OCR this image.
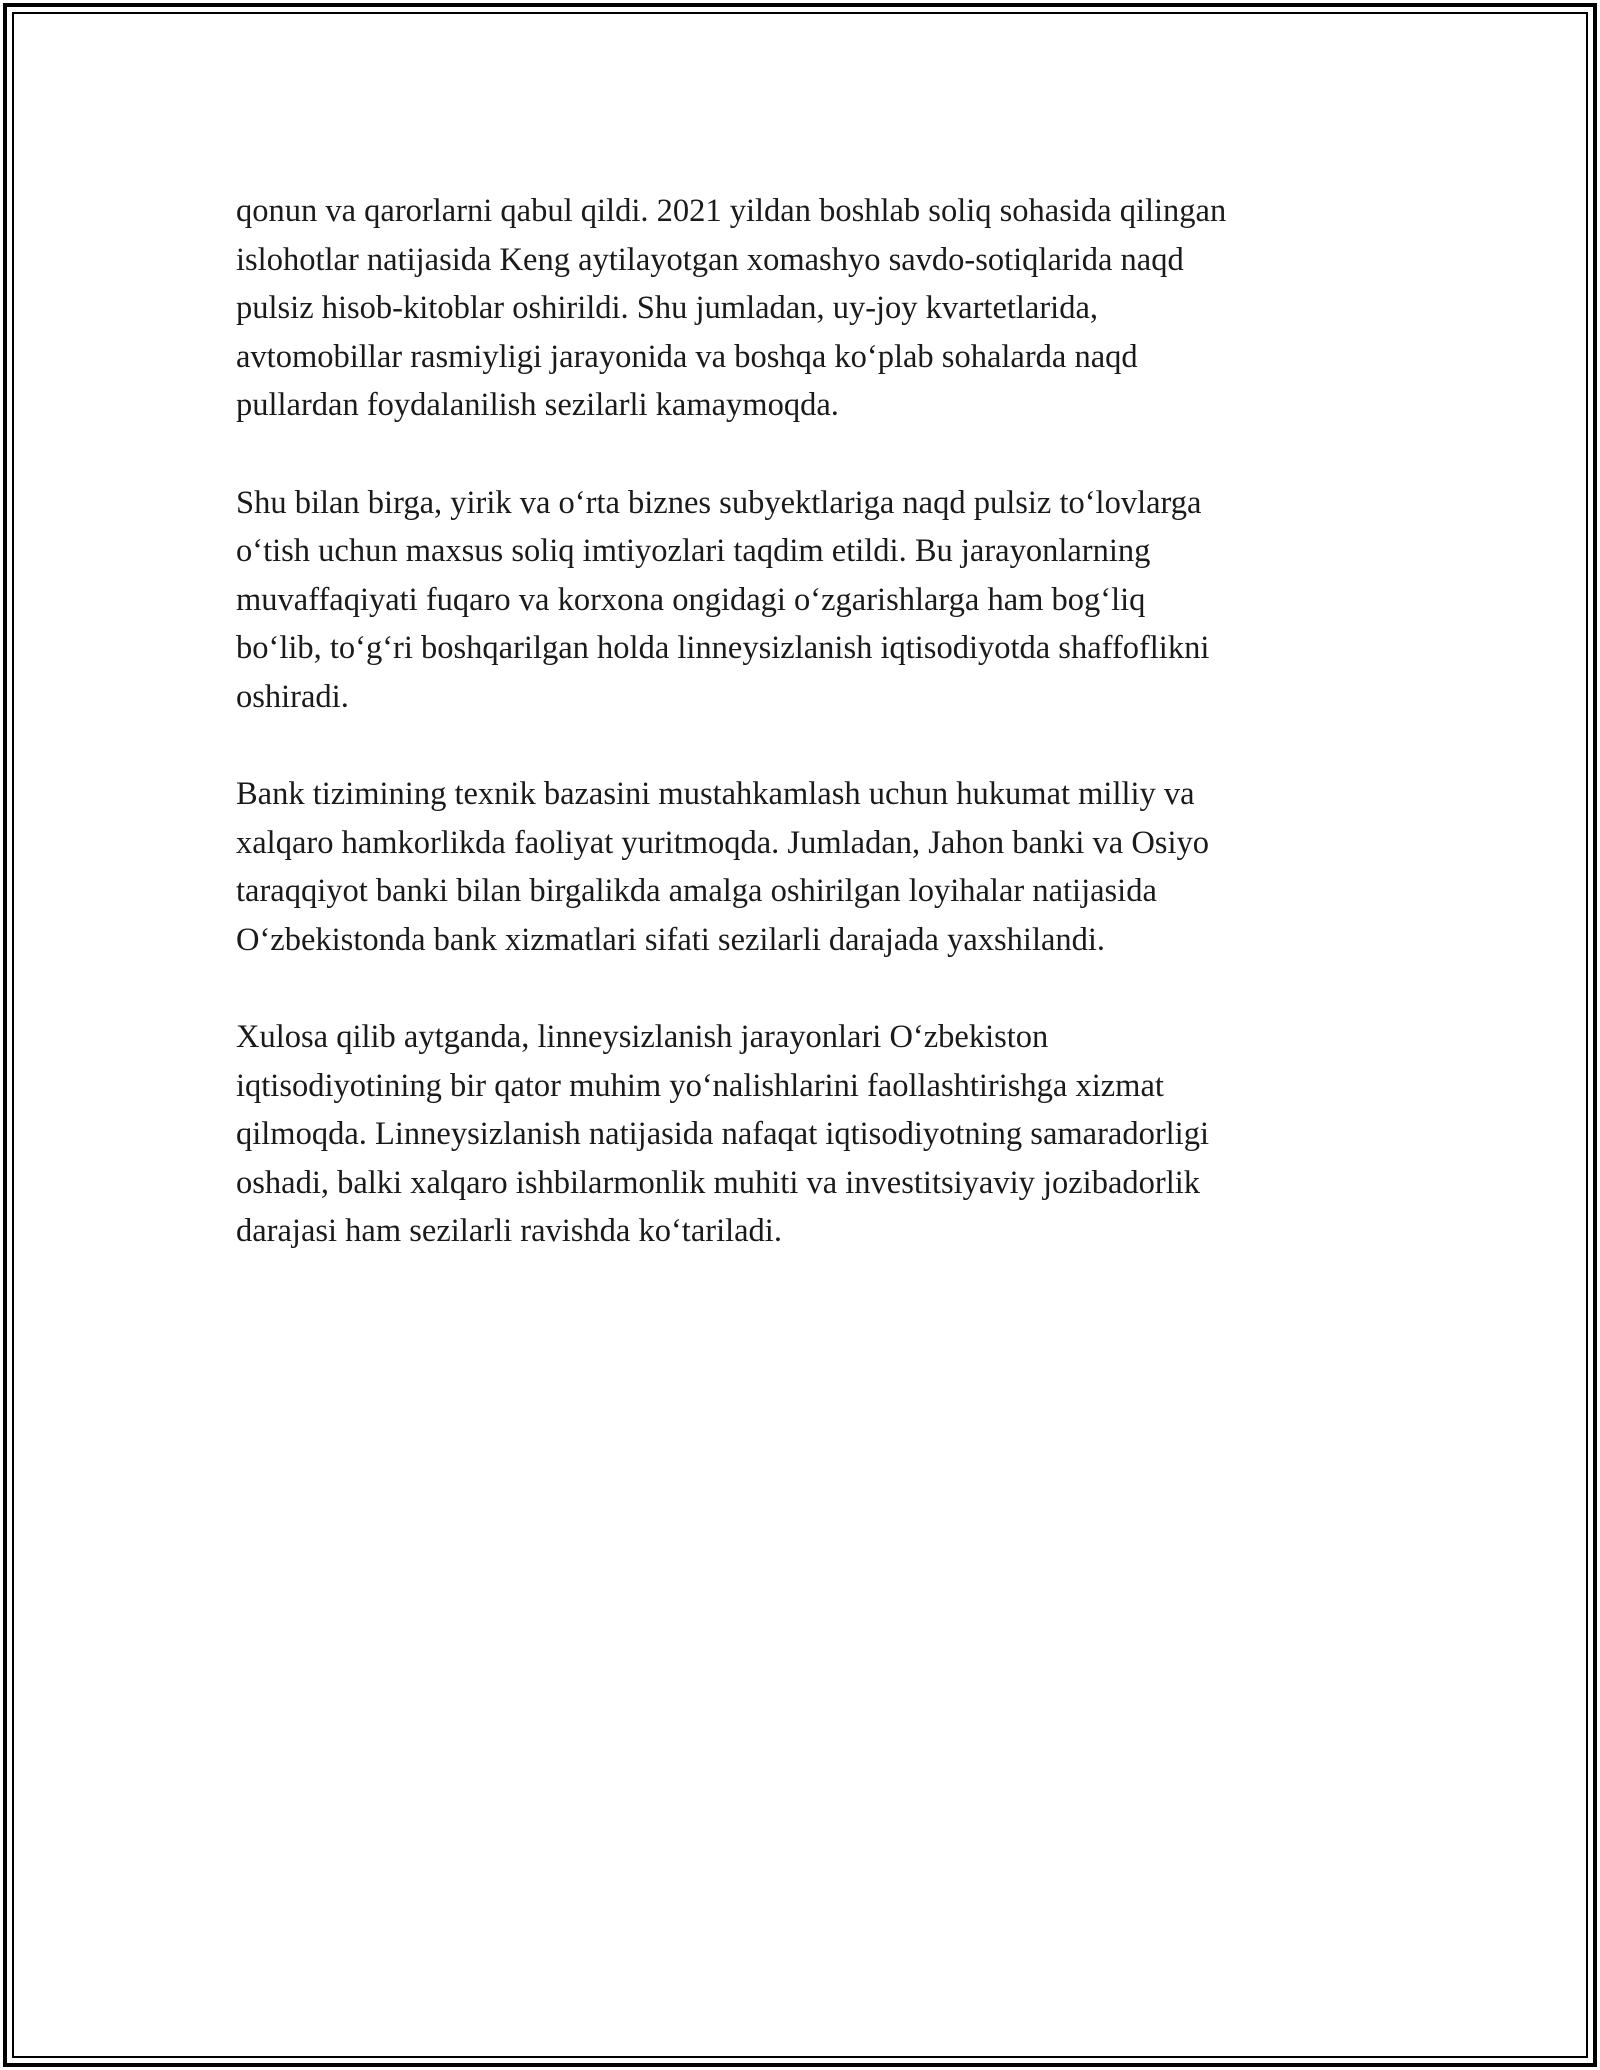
qonun va qarorlarni qabul qildi. 2021 yildan boshlab soliq sohasida qilingan
islohotlar natijasida Keng aytilayotgan xomashyo savdo-sotiqlarida naqd
pulsiz hisob-kitoblar oshirildi. Shu jumladan, uy-joy kvartetlarida,
avtomobillar rasmiyligi jarayonida va boshqa ko‘plab sohalarda naqd
pullardan foydalanilish sezilarli kamaymoqda.

Shu bilan birga, yirik va o‘rta biznes subyektlariga naqd pulsiz to‘lovlarga
o‘tish uchun maxsus soliq imtiyozlari taqdim etildi. Bu jarayonlarning
muvaffaqiyati fuqaro va korxona ongidagi o‘zgarishlarga ham bog‘liq
bo‘lib, to‘g‘ri boshqarilgan holda linneysizlanish iqtisodiyotda shaffoflikni
oshiradi.

Bank tizimining texnik bazasini mustahkamlash uchun hukumat milliy va
xalqaro hamkorlikda faoliyat yuritmoqda. Jumladan, Jahon banki va Osiyo
taraqqiyot banki bilan birgalikda amalga oshirilgan loyihalar natijasida
O‘zbekistonda bank xizmatlari sifati sezilarli darajada yaxshilandi.

Xulosa qilib aytganda, linneysizlanish jarayonlari O‘zbekiston
iqtisodiyotining bir qator muhim yo‘nalishlarini faollashtirishga xizmat
qilmoqda. Linneysizlanish natijasida nafaqat iqtisodiyotning samaradorligi
oshadi, balki xalqaro ishbilarmonlik muhiti va investitsiyaviy jozibadorlik
darajasi ham sezilarli ravishda ko‘tariladi.
